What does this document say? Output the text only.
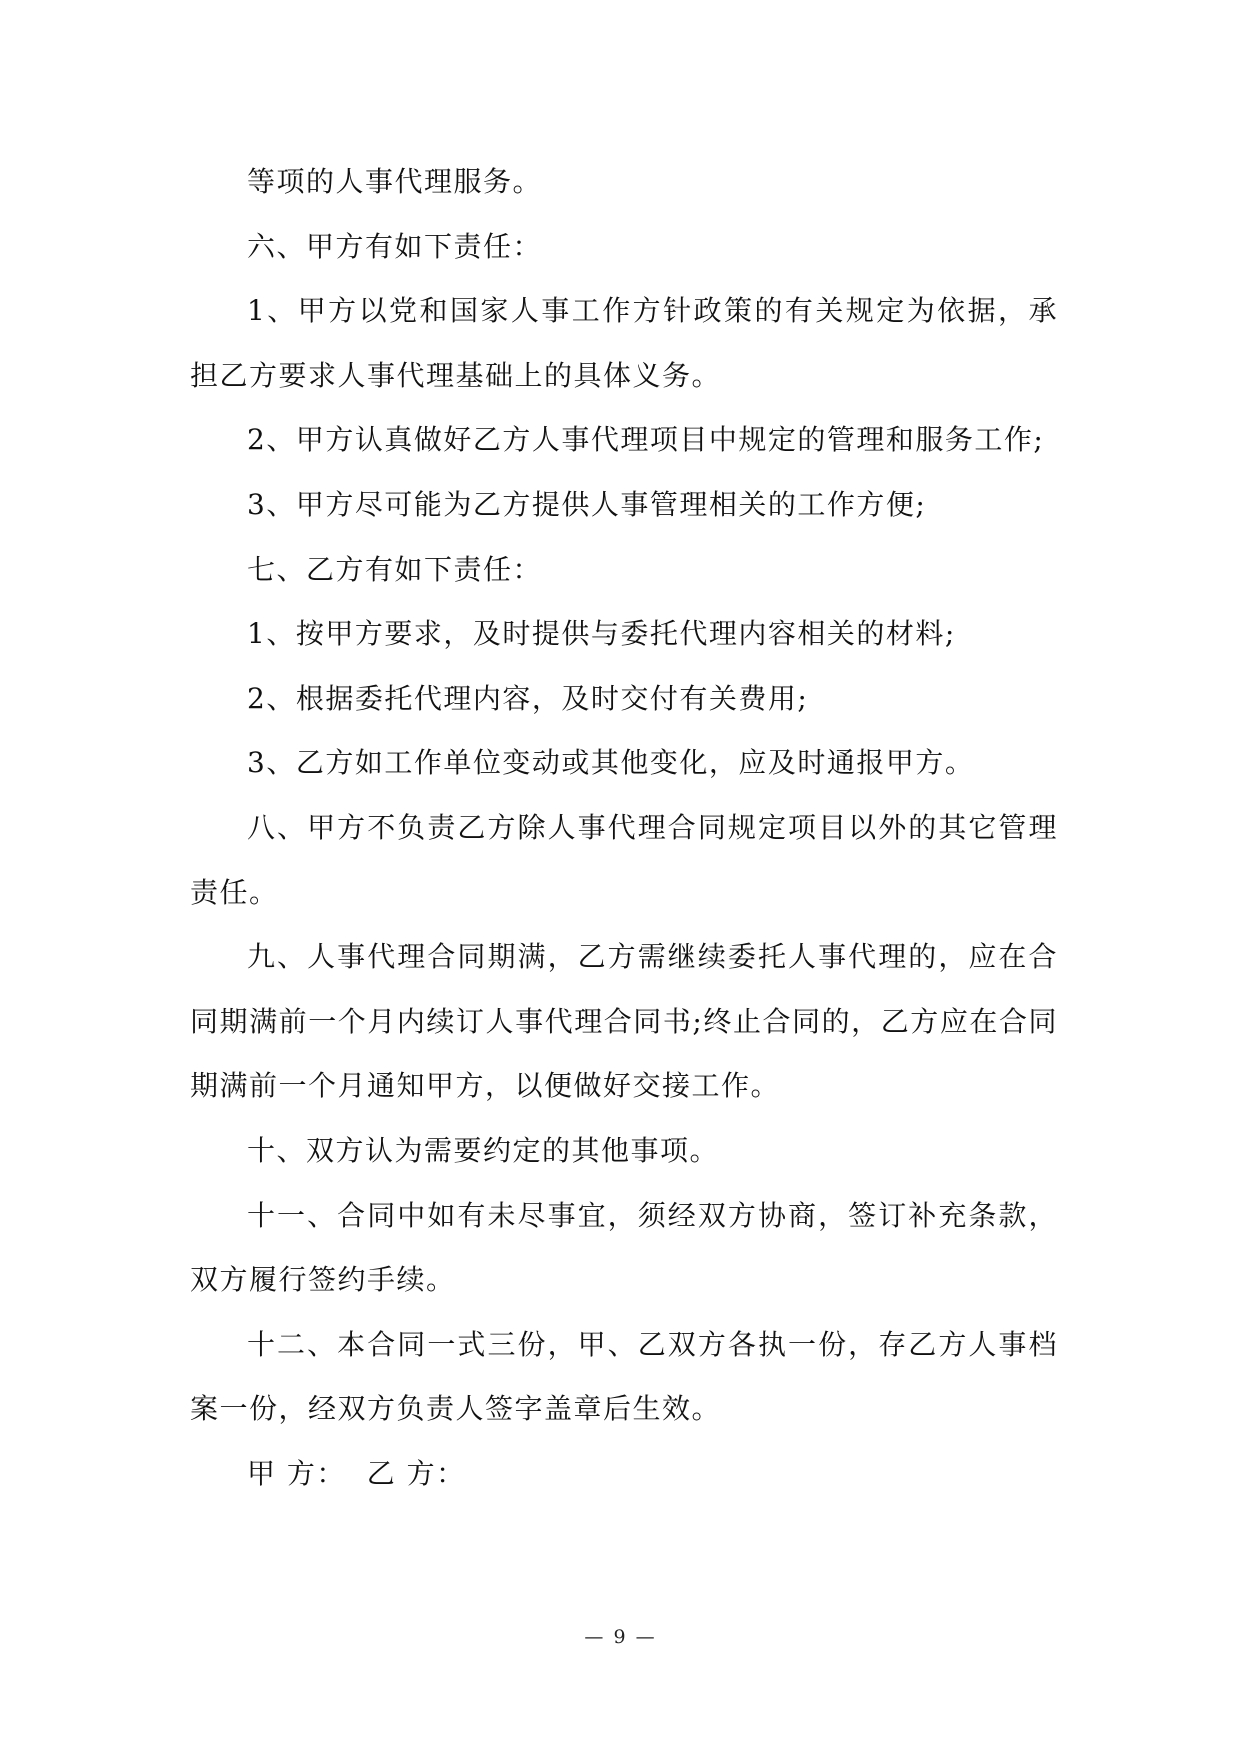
等项的人事代理服务。

六、甲方有如下责任：

1、甲方以党和国家人事工作方针政策的有关规定为依据，承担乙方要求人事代理基础上的具体义务。

2、甲方认真做好乙方人事代理项目中规定的管理和服务工作;

3、甲方尽可能为乙方提供人事管理相关的工作方便;

七、乙方有如下责任：

1、按甲方要求，及时提供与委托代理内容相关的材料;

2、根据委托代理内容，及时交付有关费用;

3、乙方如工作单位变动或其他变化，应及时通报甲方。

八、甲方不负责乙方除人事代理合同规定项目以外的其它管理责任。

九、人事代理合同期满，乙方需继续委托人事代理的，应在合同期满前一个月内续订人事代理合同书;终止合同的，乙方应在合同期满前一个月通知甲方，以便做好交接工作。

十、双方认为需要约定的其他事项。

十一、合同中如有未尽事宜，须经双方协商，签订补充条款，双方履行签约手续。

十二、本合同一式三份，甲、乙双方各执一份，存乙方人事档案一份，经双方负责人签字盖章后生效。

甲 方：  乙 方：

— 9 —
